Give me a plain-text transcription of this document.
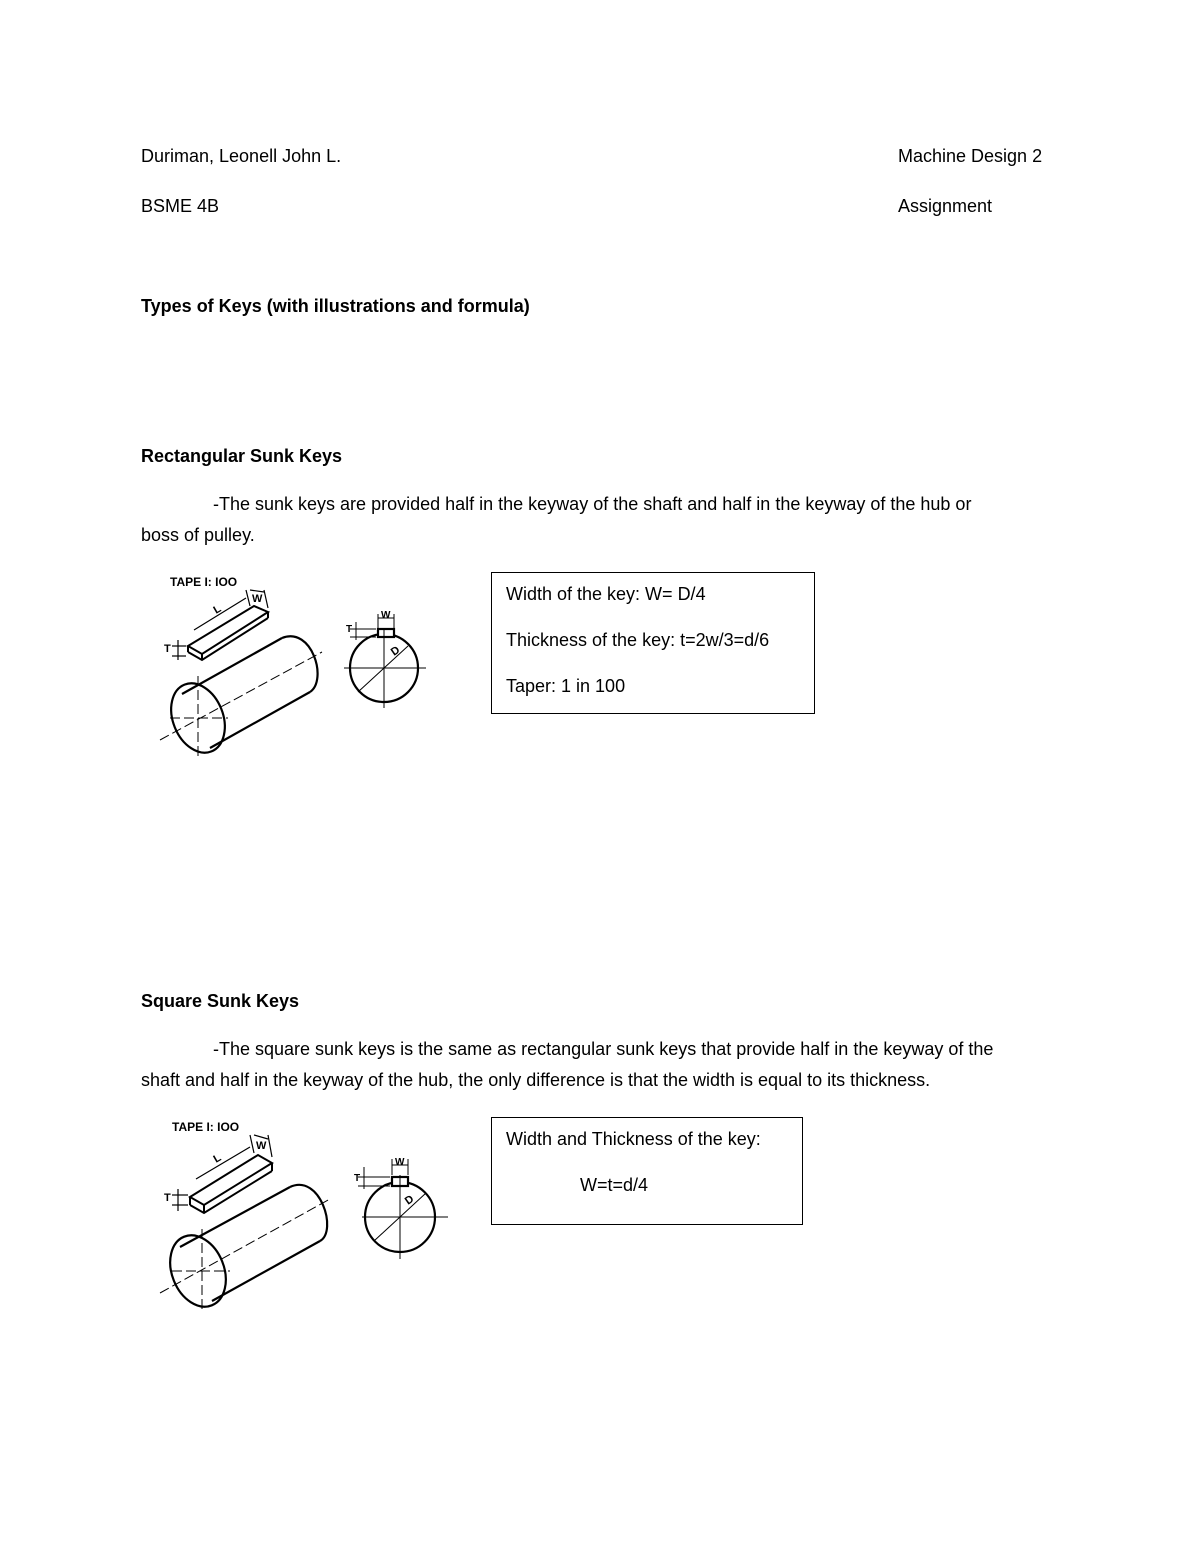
Duriman, Leonell John L.	Machine Design 2
BSME 4B	Assignment
Types of Keys (with illustrations and formula)
Rectangular Sunk Keys
-The sunk keys are provided half in the keyway of the shaft and half in the keyway of the hub or
boss of pulley.
TAPE I: IOO
L
W
T
W
T
D
Width of the key: W= D/4
Thickness of the key: t=2w/3=d/6
Taper: 1 in 100
Square Sunk Keys
-The square sunk keys is the same as rectangular sunk keys that provide half in the keyway of the
shaft and half in the keyway of the hub, the only difference is that the width is equal to its thickness.
TAPE I: IOO
L
W
T
W
T
D
Width and Thickness of the key:
W=t=d/4
